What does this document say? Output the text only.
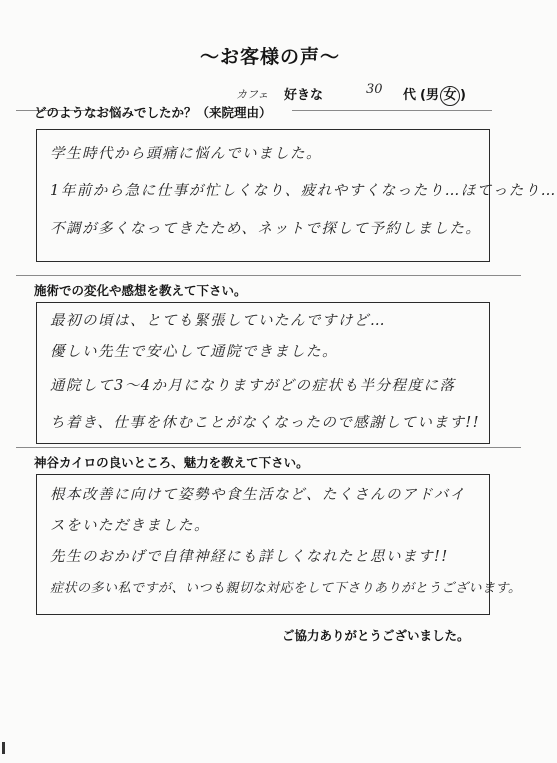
〜お客様の声〜
カフェ 好きな	30 代 (男 女 )
どのようなお悩みでしたか？（来院理由）
学生時代から頭痛に悩んでいました。
1年前から急に仕事が忙しくなり、疲れやすくなったり…ほてったり…
不調が多くなってきたため、ネットで探して予約しました。
施術での変化や感想を教えて下さい。
最初の頃は、とても緊張していたんですけど…
優しい先生で安心して通院できました。
通院して3〜4か月になりますがどの症状も半分程度に落
ち着き、仕事を休むことがなくなったので感謝しています!!
神谷カイロの良いところ、魅力を教えて下さい。
根本改善に向けて姿勢や食生活など、たくさんのアドバイ
スをいただきました。
先生のおかげで自律神経にも詳しくなれたと思います!!
症状の多い私ですが、いつも親切な対応をして下さりありがとうございます。
ご協力ありがとうございました。
